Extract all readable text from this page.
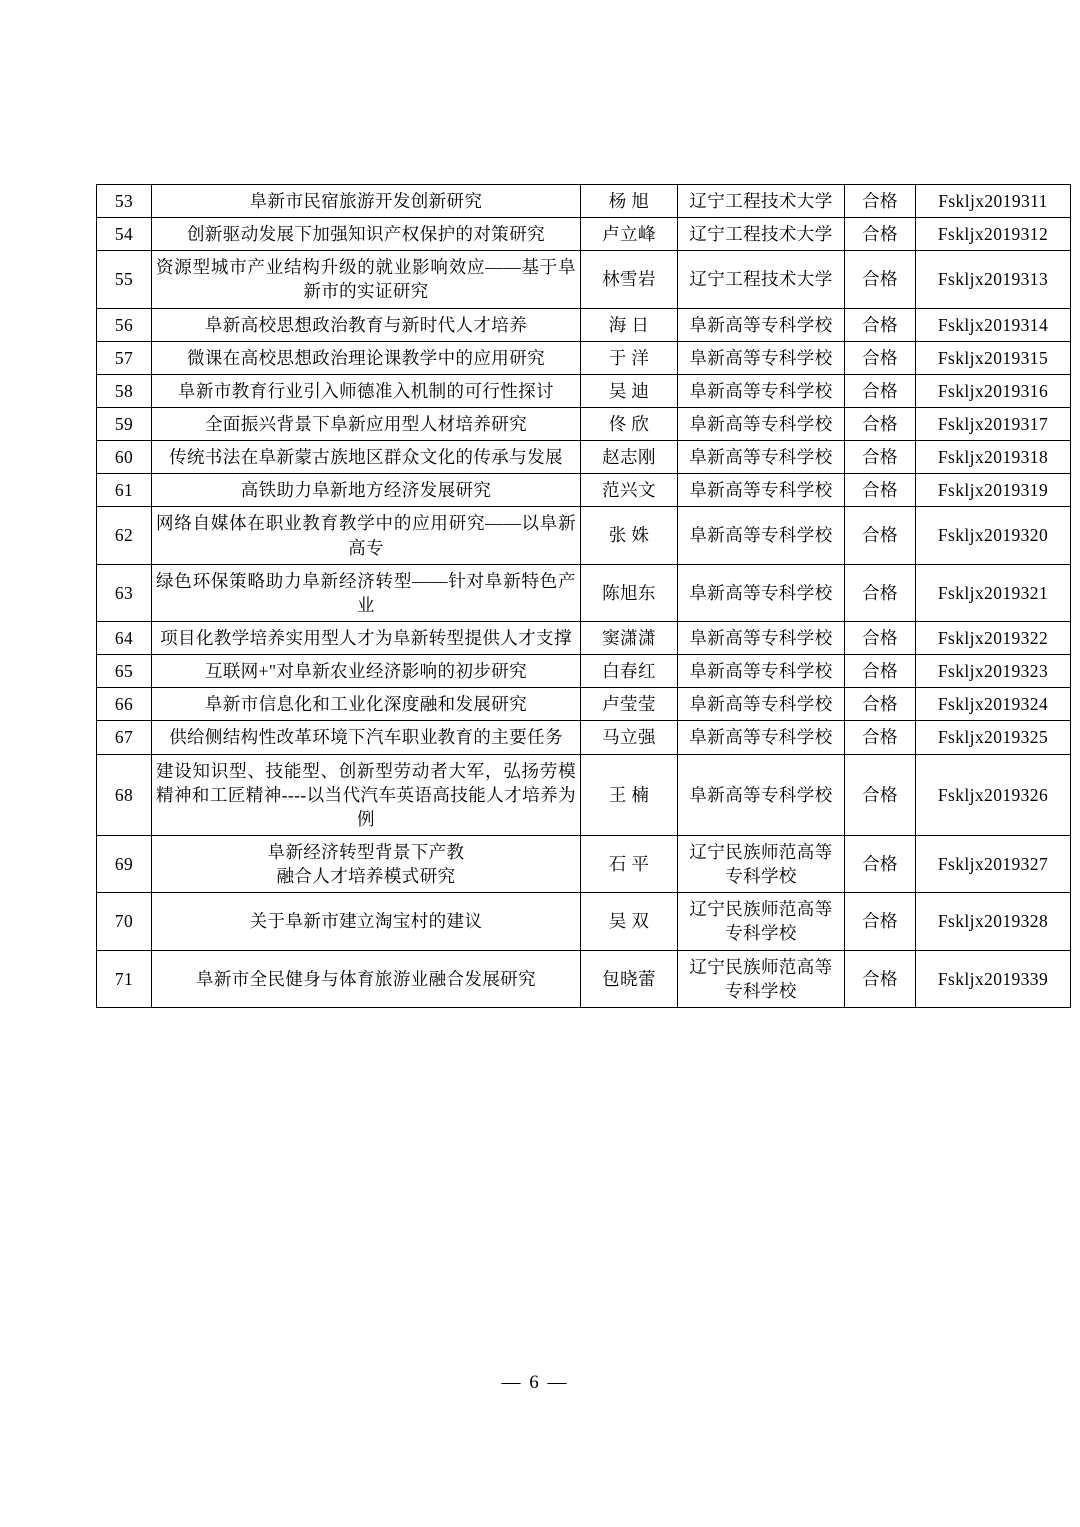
53	阜新市民宿旅游开发创新研究	杨 旭	辽宁工程技术大学	合格	Fskljx2019311
54	创新驱动发展下加强知识产权保护的对策研究	卢立峰	辽宁工程技术大学	合格	Fskljx2019312
55	资源型城市产业结构升级的就业影响效应——基于阜新市的实证研究	林雪岩	辽宁工程技术大学	合格	Fskljx2019313
56	阜新高校思想政治教育与新时代人才培养	海 日	阜新高等专科学校	合格	Fskljx2019314
57	微课在高校思想政治理论课教学中的应用研究	于 洋	阜新高等专科学校	合格	Fskljx2019315
58	阜新市教育行业引入师德准入机制的可行性探讨	吴 迪	阜新高等专科学校	合格	Fskljx2019316
59	全面振兴背景下阜新应用型人材培养研究	佟 欣	阜新高等专科学校	合格	Fskljx2019317
60	传统书法在阜新蒙古族地区群众文化的传承与发展	赵志刚	阜新高等专科学校	合格	Fskljx2019318
61	高铁助力阜新地方经济发展研究	范兴文	阜新高等专科学校	合格	Fskljx2019319
62	网络自媒体在职业教育教学中的应用研究——以阜新高专	张 姝	阜新高等专科学校	合格	Fskljx2019320
63	绿色环保策略助力阜新经济转型——针对阜新特色产业	陈旭东	阜新高等专科学校	合格	Fskljx2019321
64	项目化教学培养实用型人才为阜新转型提供人才支撑	窦潇潇	阜新高等专科学校	合格	Fskljx2019322
65	互联网+"对阜新农业经济影响的初步研究	白春红	阜新高等专科学校	合格	Fskljx2019323
66	阜新市信息化和工业化深度融和发展研究	卢莹莹	阜新高等专科学校	合格	Fskljx2019324
67	供给侧结构性改革环境下汽车职业教育的主要任务	马立强	阜新高等专科学校	合格	Fskljx2019325
68	建设知识型、技能型、创新型劳动者大军，弘扬劳模精神和工匠精神----以当代汽车英语高技能人才培养为例	王 楠	阜新高等专科学校	合格	Fskljx2019326
69	阜新经济转型背景下产教
融合人才培养模式研究	石 平	辽宁民族师范高等
专科学校	合格	Fskljx2019327
70	关于阜新市建立淘宝村的建议	吴 双	辽宁民族师范高等
专科学校	合格	Fskljx2019328
71	阜新市全民健身与体育旅游业融合发展研究	包晓蕾	辽宁民族师范高等
专科学校	合格	Fskljx2019339
— 6 —
